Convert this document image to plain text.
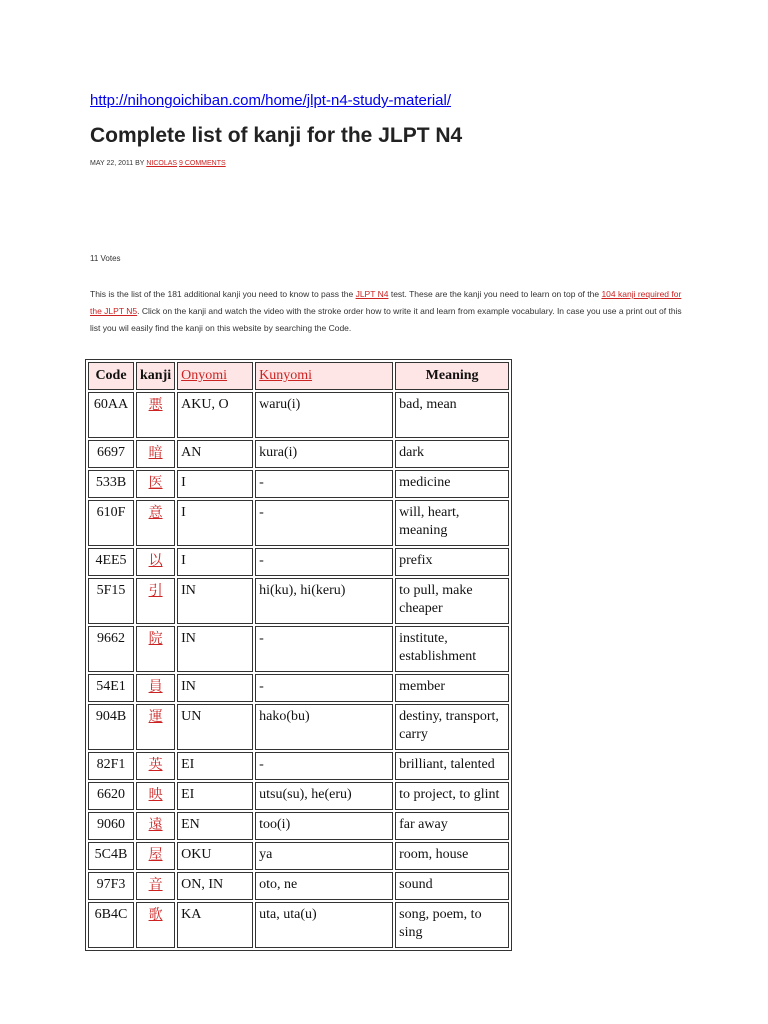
http://nihongoichiban.com/home/jlpt-n4-study-material/
Complete list of kanji for the JLPT N4
MAY 22, 2011 BY NICOLAS 9 COMMENTS
11 Votes
This is the list of the 181 additional kanji you need to know to pass the JLPT N4 test. These are the kanji you need to learn on top of the 104 kanji required for the JLPT N5. Click on the kanji and watch the video with the stroke order how to write it and learn from example vocabulary. In case you use a print out of this list you wil easily find the kanji on this website by searching the Code.
Code	kanji	Onyomi	Kunyomi	Meaning
60AA	悪	AKU, O	waru(i)	bad, mean
6697	暗	AN	kura(i)	dark
533B	医	I	-	medicine
610F	意	I	-	will, heart, meaning
4EE5	以	I	-	prefix
5F15	引	IN	hi(ku), hi(keru)	to pull, make cheaper
9662	院	IN	-	institute, establishment
54E1	員	IN	-	member
904B	運	UN	hako(bu)	destiny, transport, carry
82F1	英	EI	-	brilliant, talented
6620	映	EI	utsu(su), he(eru)	to project, to glint
9060	遠	EN	too(i)	far away
5C4B	屋	OKU	ya	room, house
97F3	音	ON, IN	oto, ne	sound
6B4C	歌	KA	uta, uta(u)	song, poem, to sing
